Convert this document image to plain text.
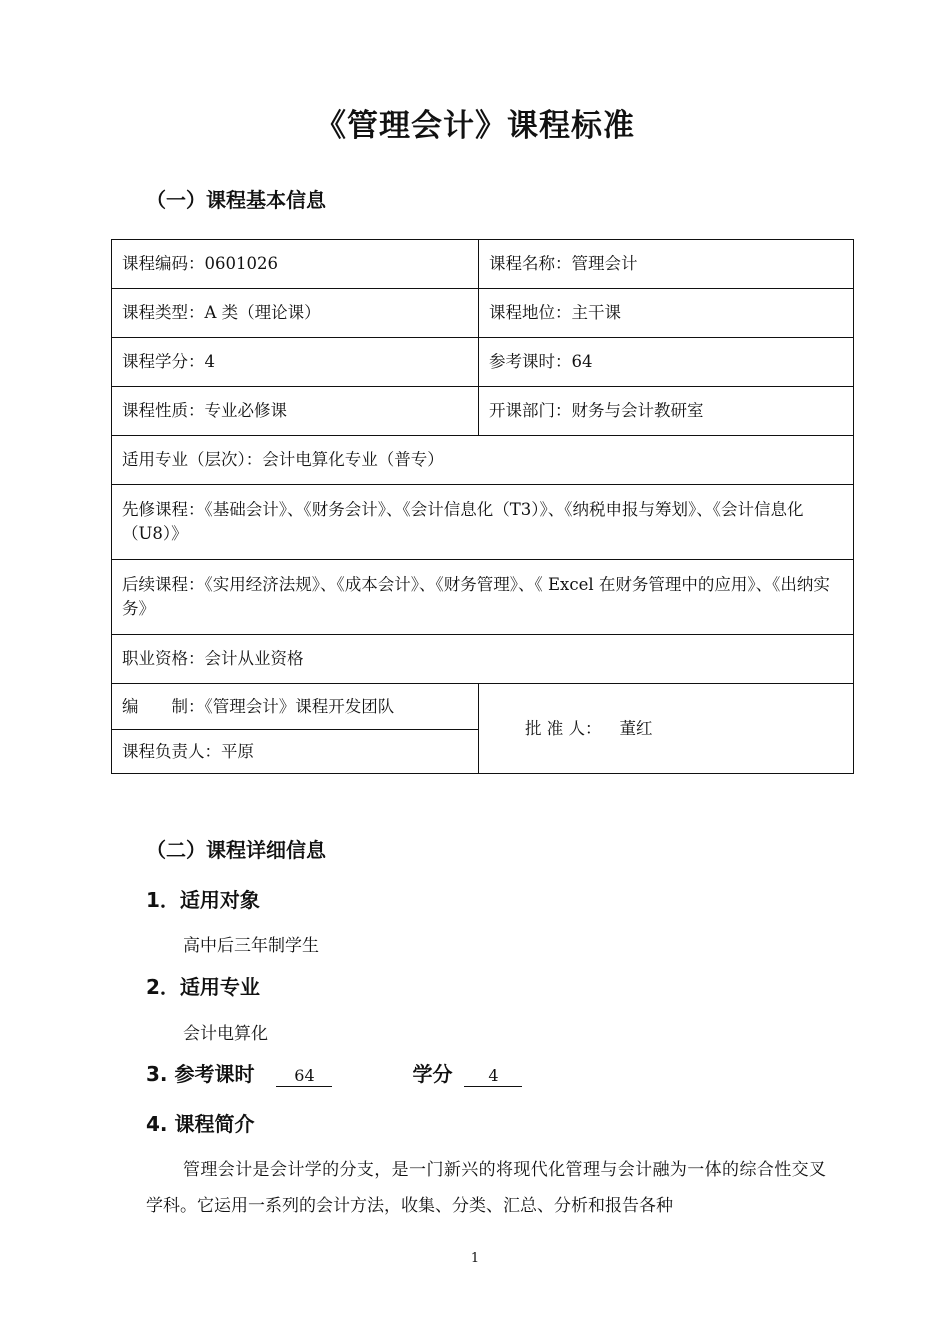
《管理会计》课程标准
（一）课程基本信息
课程编码：0601026	课程名称：管理会计
课程类型：A 类（理论课）	课程地位：主干课
课程学分：4	参考课时：64
课程性质：专业必修课	开课部门：财务与会计教研室
适用专业（层次）：会计电算化专业（普专）	
先修课程：《基础会计》、《财务会计》、《会计信息化（T3）》、《纳税申报与筹划》、《会计信息化（U8）》	
后续课程：《实用经济法规》、《成本会计》、《财务管理》、《 Excel 在财务管理中的应用》、《出纳实务》	
职业资格：会计从业资格	
编　　制：《管理会计》课程开发团队	批 准 人： 董红
课程负责人：平原	
（二）课程详细信息
1．适用对象
高中后三年制学生
2．适用专业
会计电算化
3. 参考课时 64	学分 4
4. 课程简介
管理会计是会计学的分支，是一门新兴的将现代化管理与会计融为一体的综合性交叉学科。它运用一系列的会计方法，收集、分类、汇总、分析和报告各种
1
